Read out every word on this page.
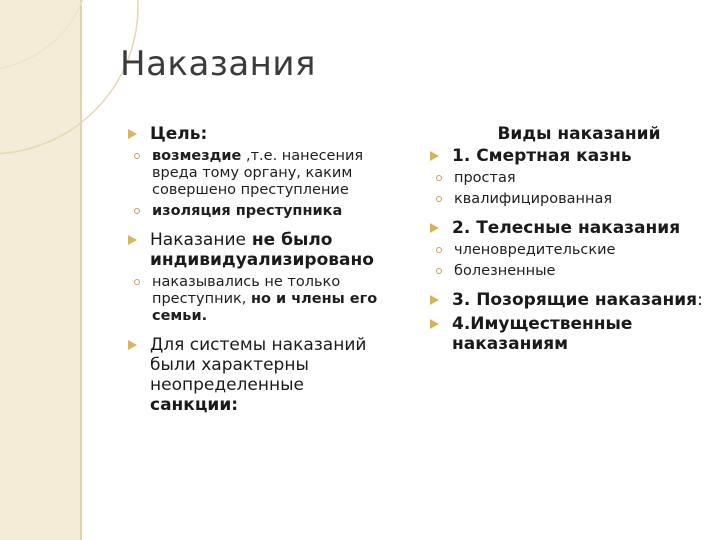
Наказания
Цель:
возмездие ,т.е. нанесения вреда тому органу, каким совершено преступление
изоляция преступника
Наказание не было индивидуализировано
наказывались не только преступник, но и члены его семьи.
Для системы наказаний были характерны неопределенные санкции:

Виды наказаний

1. Смертная казнь
простая
квалифицированная
2. Телесные наказания
членовредительские
болезненные
3. Позорящие наказания:
4.Имущественные наказаниям
